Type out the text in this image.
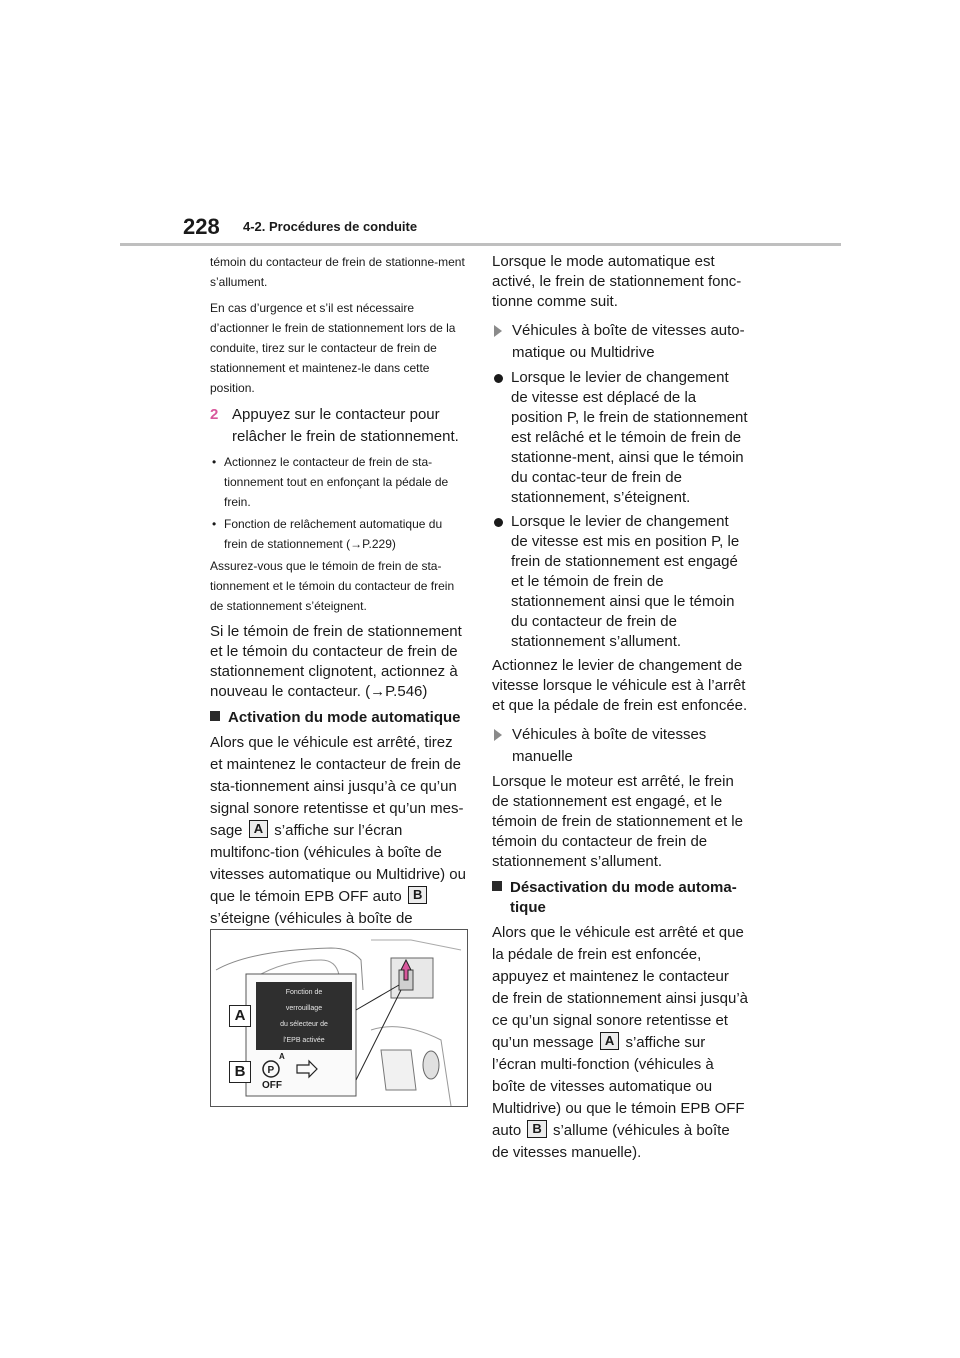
228 4-2. Procédures de conduite

témoin du contacteur de frein de stationne-ment s’allument.

En cas d’urgence et s’il est nécessaire d’actionner le frein de stationnement lors de la conduite, tirez sur le contacteur de frein de stationnement et maintenez-le dans cette position.

2 Appuyez sur le contacteur pour relâcher le frein de stationnement.

• Actionnez le contacteur de frein de sta-tionnement tout en enfonçant la pédale de frein.

• Fonction de relâchement automatique du frein de stationnement (→P.229)

Assurez-vous que le témoin de frein de sta-tionnement et le témoin du contacteur de frein de stationnement s’éteignent.

Si le témoin de frein de stationnement et le témoin du contacteur de frein de stationnement clignotent, actionnez à nouveau le contacteur. (→P.546)

Activation du mode automatique

Alors que le véhicule est arrêté, tirez et maintenez le contacteur de frein de sta-tionnement ainsi jusqu’à ce qu’un signal sonore retentisse et qu’un mes-sage A s’affiche sur l’écran multifonc-tion (véhicules à boîte de vitesses automatique ou Multidrive) ou que le témoin EPB OFF auto B s’éteigne (véhicules à boîte de

P
A
B
Fonction de
verrouillage
du sélecteur de
l’EPB activée
A
OFF

Lorsque le mode automatique est activé, le frein de stationnement fonc-tionne comme suit.

Véhicules à boîte de vitesses auto-matique ou Multidrive
Lorsque le levier de changement de vitesse est déplacé de la position P, le frein de stationnement est relâché et le témoin de frein de stationne-ment, ainsi que le témoin du contac-teur de frein de stationnement, s’éteignent.
Lorsque le levier de changement de vitesse est mis en position P, le frein de stationnement est engagé et le témoin de frein de stationnement ainsi que le témoin du contacteur de frein de stationnement s’allument.

Actionnez le levier de changement de vitesse lorsque le véhicule est à l’arrêt et que la pédale de frein est enfoncée.

Véhicules à boîte de vitesses manuelle

Lorsque le moteur est arrêté, le frein de stationnement est engagé, et le témoin de frein de stationnement et le témoin du contacteur de frein de stationnement s’allument.

Désactivation du mode automa-tique

Alors que le véhicule est arrêté et que la pédale de frein est enfoncée, appuyez et maintenez le contacteur de frein de stationnement ainsi jusqu’à ce qu’un signal sonore retentisse et qu’un message A s’affiche sur l’écran multi-fonction (véhicules à boîte de vitesses automatique ou Multidrive) ou que le témoin EPB OFF auto B s’allume (véhicules à boîte de vitesses manuelle).
